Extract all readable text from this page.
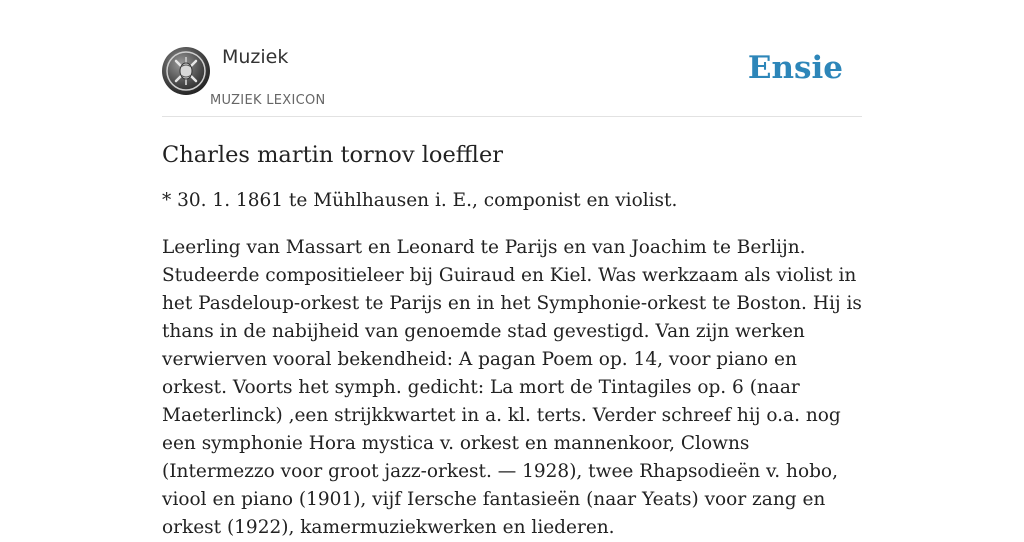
Muziek
MUZIEK LEXICON
Ensie
Charles martin tornov loeffler

* 30. 1. 1861 te Mühlhausen i. E., componist en violist.

Leerling van Massart en Leonard te Parijs en van Joachim te Berlijn. Studeerde compositieleer bij Guiraud en Kiel. Was werkzaam als violist in het Pasdeloup-orkest te Parijs en in het Symphonie-orkest te Boston. Hij is thans in de nabijheid van genoemde stad gevestigd. Van zijn werken verwierven vooral bekendheid: A pagan Poem op. 14, voor piano en orkest. Voorts het symph. gedicht: La mort de Tintagiles op. 6 (naar Maeterlinck) ,een strijkkwartet in a. kl. terts. Verder schreef hij o.a. nog een symphonie Hora mystica v. orkest en mannenkoor, Clowns (Intermezzo voor groot jazz-orkest. — 1928), twee Rhapsodieën v. hobo, viool en piano (1901), vijf Iersche fantasieën (naar Yeats) voor zang en orkest (1922), kamermuziekwerken en liederen.
